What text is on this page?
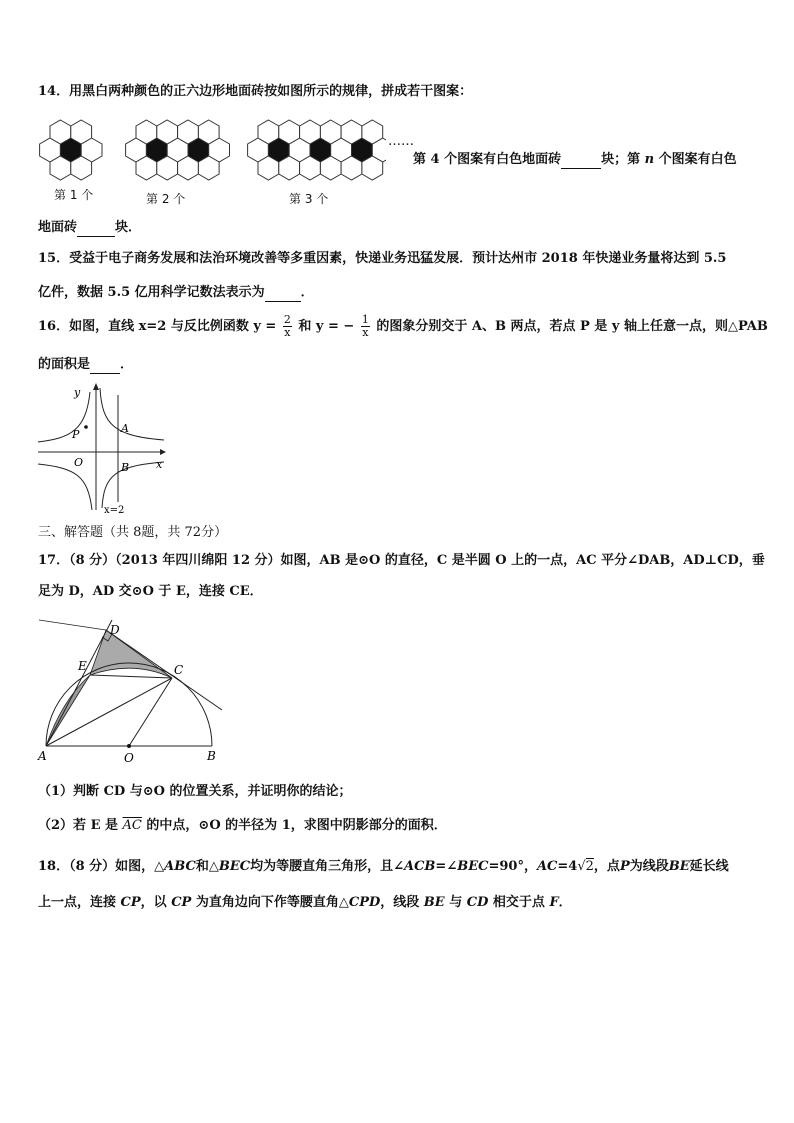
14．用黑白两种颜色的正六边形地面砖按如图所示的规律，拼成若干图案：
第 1 个	第 2 个	第 3 个
……
第 4 个图案有白色地面砖	块；第 n 个图案有白色
地面砖	块．
15．受益于电子商务发展和法治环境改善等多重因素，快递业务迅猛发展．预计达州市 2018 年快递业务量将达到 5.5
亿件，数据 5.5 亿用科学记数法表示为	．
16．如图，直线 x=2 与反比例函数 $y = \frac{2}{x}$ 和 y = − $\frac{1}{x}$ 的图象分别交于 A、B 两点，若点 P 是 y 轴上任意一点，则△PAB
的面积是 ．
y
x
P	A
O	B
x=2
三、解答题（共 8题，共 72分）
17．（8 分）（2013 年四川绵阳 12 分）如图，AB 是⊙O 的直径，C 是半圆 O 上的一点，AC 平分∠DAB，AD⊥CD，垂
足为 D，AD 交⊙O 于 E，连接 CE．
D
E	C
A	O	B
（1）判断 CD 与⊙O 的位置关系，并证明你的结论；
（2）若 E 是 $\overline{AC}$ 的中点，⊙O 的半径为 1，求图中阴影部分的面积．
18．（8 分）如图，△ABC和△BEC均为等腰直角三角形，且∠ACB=∠BEC=90°，AC=4√2，点P为线段BE延长线
上一点，连接 CP，以 CP 为直角边向下作等腰直角△CPD，线段 BE 与 CD 相交于点 F．
